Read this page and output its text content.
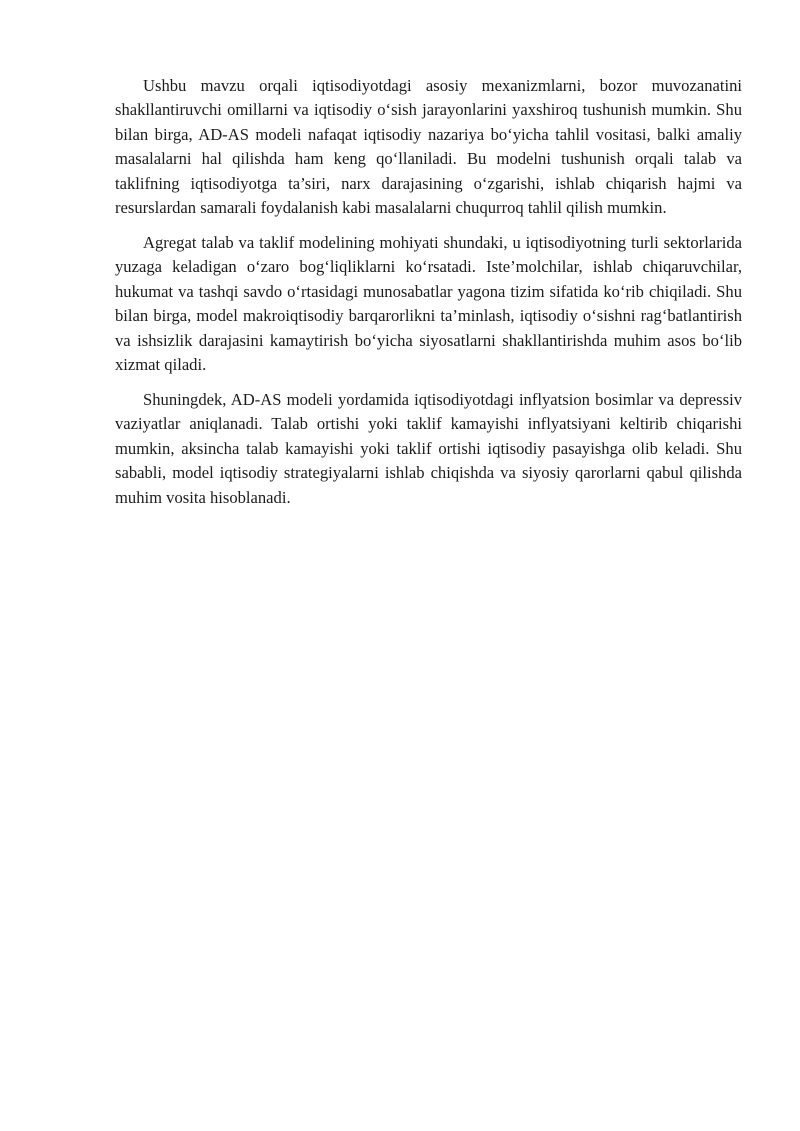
Ushbu mavzu orqali iqtisodiyotdagi asosiy mexanizmlarni, bozor muvozanatini shakllantiruvchi omillarni va iqtisodiy o‘sish jarayonlarini yaxshiroq tushunish mumkin. Shu bilan birga, AD-AS modeli nafaqat iqtisodiy nazariya bo‘yicha tahlil vositasi, balki amaliy masalalarni hal qilishda ham keng qo‘llaniladi. Bu modelni tushunish orqali talab va taklifning iqtisodiyotga ta’siri, narx darajasining o‘zgarishi, ishlab chiqarish hajmi va resurslardan samarali foydalanish kabi masalalarni chuqurroq tahlil qilish mumkin.

Agregat talab va taklif modelining mohiyati shundaki, u iqtisodiyotning turli sektorlarida yuzaga keladigan o‘zaro bog‘liqliklarni ko‘rsatadi. Iste’molchilar, ishlab chiqaruvchilar, hukumat va tashqi savdo o‘rtasidagi munosabatlar yagona tizim sifatida ko‘rib chiqiladi. Shu bilan birga, model makroiqtisodiy barqarorlikni ta’minlash, iqtisodiy o‘sishni rag‘batlantirish va ishsizlik darajasini kamaytirish bo‘yicha siyosatlarni shakllantirishda muhim asos bo‘lib xizmat qiladi.

Shuningdek, AD-AS modeli yordamida iqtisodiyotdagi inflyatsion bosimlar va depressiv vaziyatlar aniqlanadi. Talab ortishi yoki taklif kamayishi inflyatsiyani keltirib chiqarishi mumkin, aksincha talab kamayishi yoki taklif ortishi iqtisodiy pasayishga olib keladi. Shu sababli, model iqtisodiy strategiyalarni ishlab chiqishda va siyosiy qarorlarni qabul qilishda muhim vosita hisoblanadi.
